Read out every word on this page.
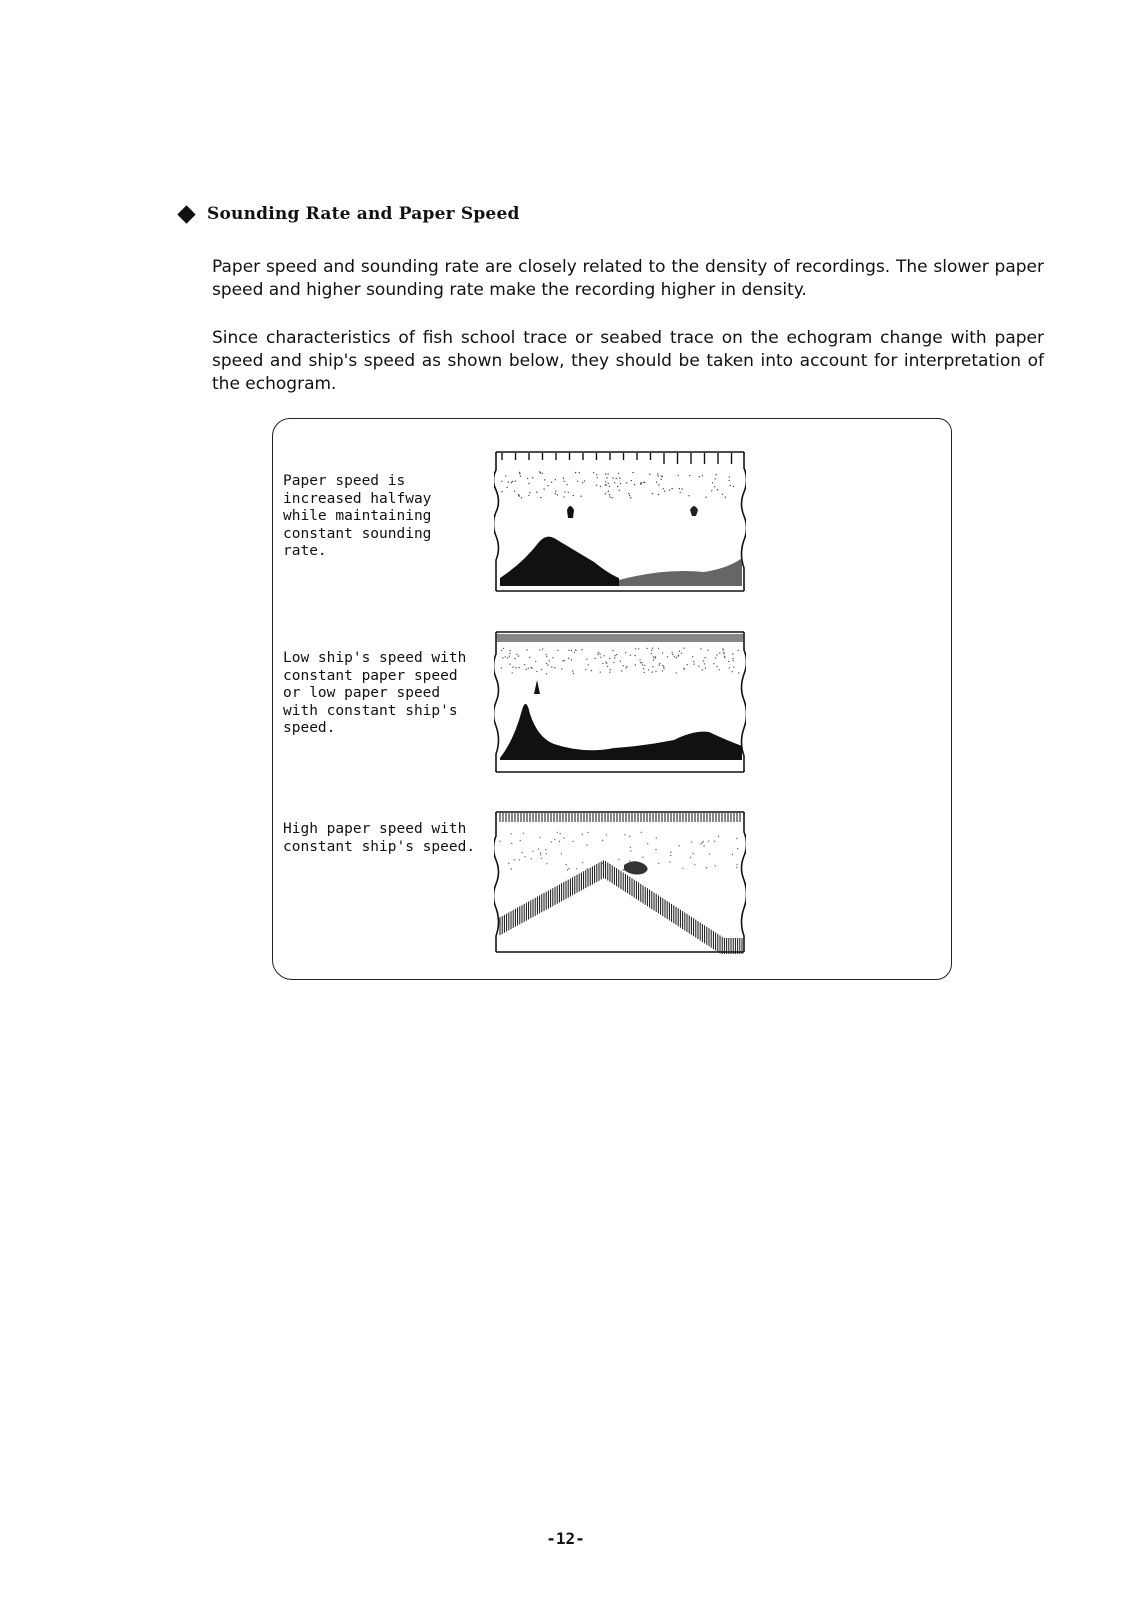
Sounding Rate and Paper Speed
Paper speed and sounding rate are closely related to the density of recordings. The slower paper speed and higher sounding rate make the recording higher in density.
Since characteristics of fish school trace or seabed trace on the echogram change with paper speed and ship's speed as shown below, they should be taken into account for interpretation of the echogram.
Paper speed is
increased halfway
while maintaining
constant sounding
rate.
Low ship's speed with
constant paper speed
or low paper speed
with constant ship's
speed.
High paper speed with
constant ship's speed.
-12-
